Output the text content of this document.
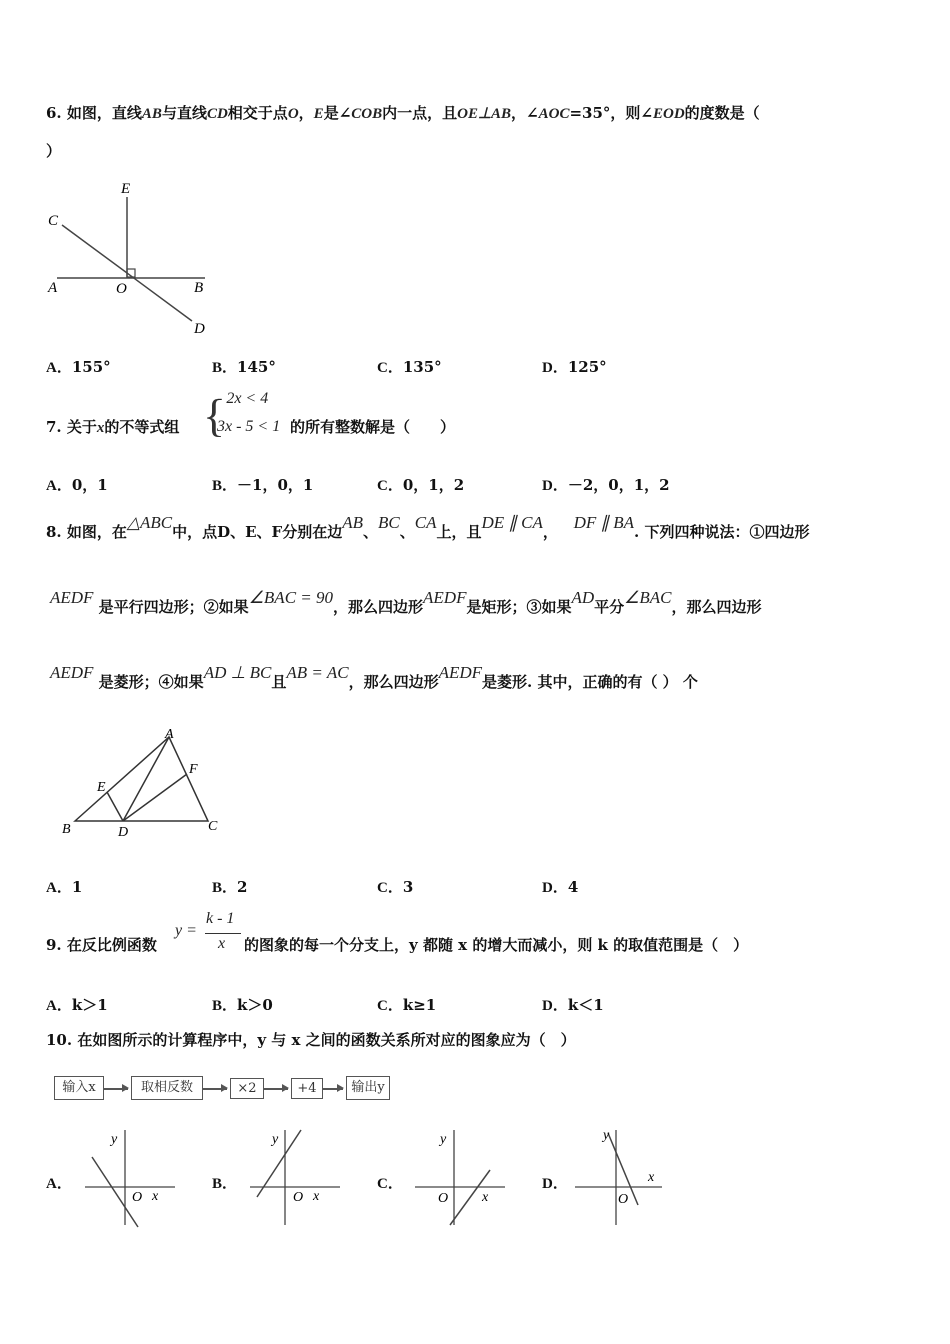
6. 如图，直线AB与直线CD相交于点O，E是∠COB内一点，且OE⊥AB，∠AOC=35°，则∠EOD的度数是（
）
E
C
A	O	B
D
A．155°	B．145°	C．135°	D．125°
7. 关于x的不等式组 {
- 2x < 4
3x - 5 < 1 的所有整数解是（　　）
A．0，1	B．－1，0，1	C．0，1，2	D．－2，0，1，2
8. 如图，在△ABC中，点D、E、F分别在边AB、BC、CA上，且DE ∥ CA， DF ∥ BA. 下列四种说法：①四边形
AEDF 是平行四边形；②如果∠BAC = 90，那么四边形AEDF是矩形；③如果AD平分∠BAC，那么四边形
AEDF 是菱形；④如果AD ⊥ BC且AB = AC，那么四边形AEDF是菱形. 其中，正确的有（ ） 个
A
F
E
B	D	C
A．1	B．2	C．3	D．4
9. 在反比例函数
y =
k - 1
x 的图象的每一个分支上，y 都随 x 的增大而减小，则 k 的取值范围是（　）
A．k＞1	B．k＞0	C．k≥1	D．k＜1
10. 在如图所示的计算程序中，y 与 x 之间的函数关系所对应的图象应为（　）
输入x	取相反数	×2	+4	输出y
A．
y
O x
B．
y
O x
C．
y
O x
D．
y
O
x
